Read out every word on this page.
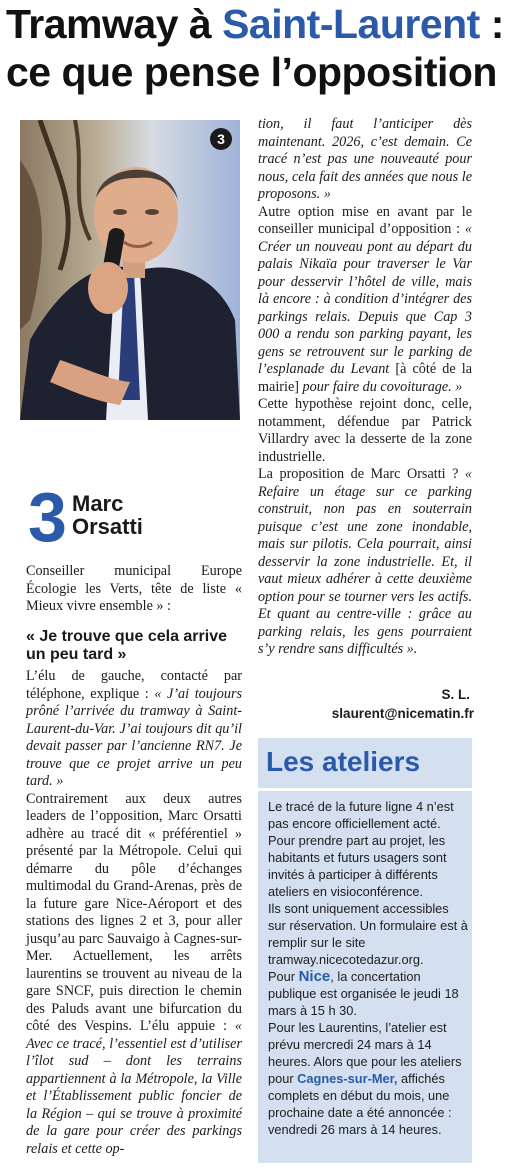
Tramway à Saint-Laurent :
ce que pense l’opposition
3
3 Marc
Orsatti
Conseiller municipal Europe Écologie les Verts, tête de liste « Mieux vivre ensemble » :
« Je trouve que cela arrive un peu tard »

L’élu de gauche, contacté par téléphone, explique : « J’ai toujours prôné l’arrivée du tramway à Saint-Laurent-du-Var. J’ai toujours dit qu’il devait passer par l’ancienne RN7. Je trouve que ce projet arrive un peu tard. »

Contrairement aux deux autres leaders de l’opposition, Marc Orsatti adhère au tracé dit « préférentiel » présenté par la Métropole. Celui qui démarre du pôle d’échanges multimodal du Grand-Arenas, près de la future gare Nice-Aéroport et des stations des lignes 2 et 3, pour aller jusqu’au parc Sauvaigo à Cagnes-sur-Mer. Actuellement, les arrêts laurentins se trouvent au niveau de la gare SNCF, puis direction le chemin des Paluds avant une bifurcation du côté des Vespins. L’élu appuie : « Avec ce tracé, l’essentiel est d’utiliser l’îlot sud – dont les terrains appartiennent à la Métropole, la Ville et l’Établissement public foncier de la Région – qui se trouve à proximité de la gare pour créer des parkings relais et cette op-

tion, il faut l’anticiper dès maintenant. 2026, c’est demain. Ce tracé n’est pas une nouveauté pour nous, cela fait des années que nous le proposons. »

Autre option mise en avant par le conseiller municipal d’opposition : « Créer un nouveau pont au départ du palais Nikaïa pour traverser le Var pour desservir l’hôtel de ville, mais là encore : à condition d’intégrer des parkings relais. Depuis que Cap 3 000 a rendu son parking payant, les gens se retrouvent sur le parking de l’esplanade du Levant [à côté de la mairie] pour faire du covoiturage. »

Cette hypothèse rejoint donc, celle, notamment, défendue par Patrick Villardry avec la desserte de la zone industrielle.

La proposition de Marc Orsatti ? « Refaire un étage sur ce parking construit, non pas en souterrain puisque c’est une zone inondable, mais sur pilotis. Cela pourrait, ainsi desservir la zone industrielle. Et, il vaut mieux adhérer à cette deuxième option pour se tourner vers les actifs. Et quant au centre-ville : grâce au parking relais, les gens pourraient s’y rendre sans difficultés ».

S. L.
slaurent@nicematin.fr
Les ateliers

Le tracé de la future ligne 4 n’est pas encore officiellement acté. Pour prendre part au projet, les habitants et futurs usagers sont invités à participer à différents ateliers en visioconférence.

Ils sont uniquement accessibles sur réservation. Un formulaire est à remplir sur le site tramway.nicecotedazur.org.

Pour Nice, la concertation publique est organisée le jeudi 18 mars à 15 h 30.

Pour les Laurentins, l’atelier est prévu mercredi 24 mars à 14 heures. Alors que pour les ateliers pour Cagnes-sur-Mer, affichés complets en début du mois, une prochaine date a été annoncée : vendredi 26 mars à 14 heures.
